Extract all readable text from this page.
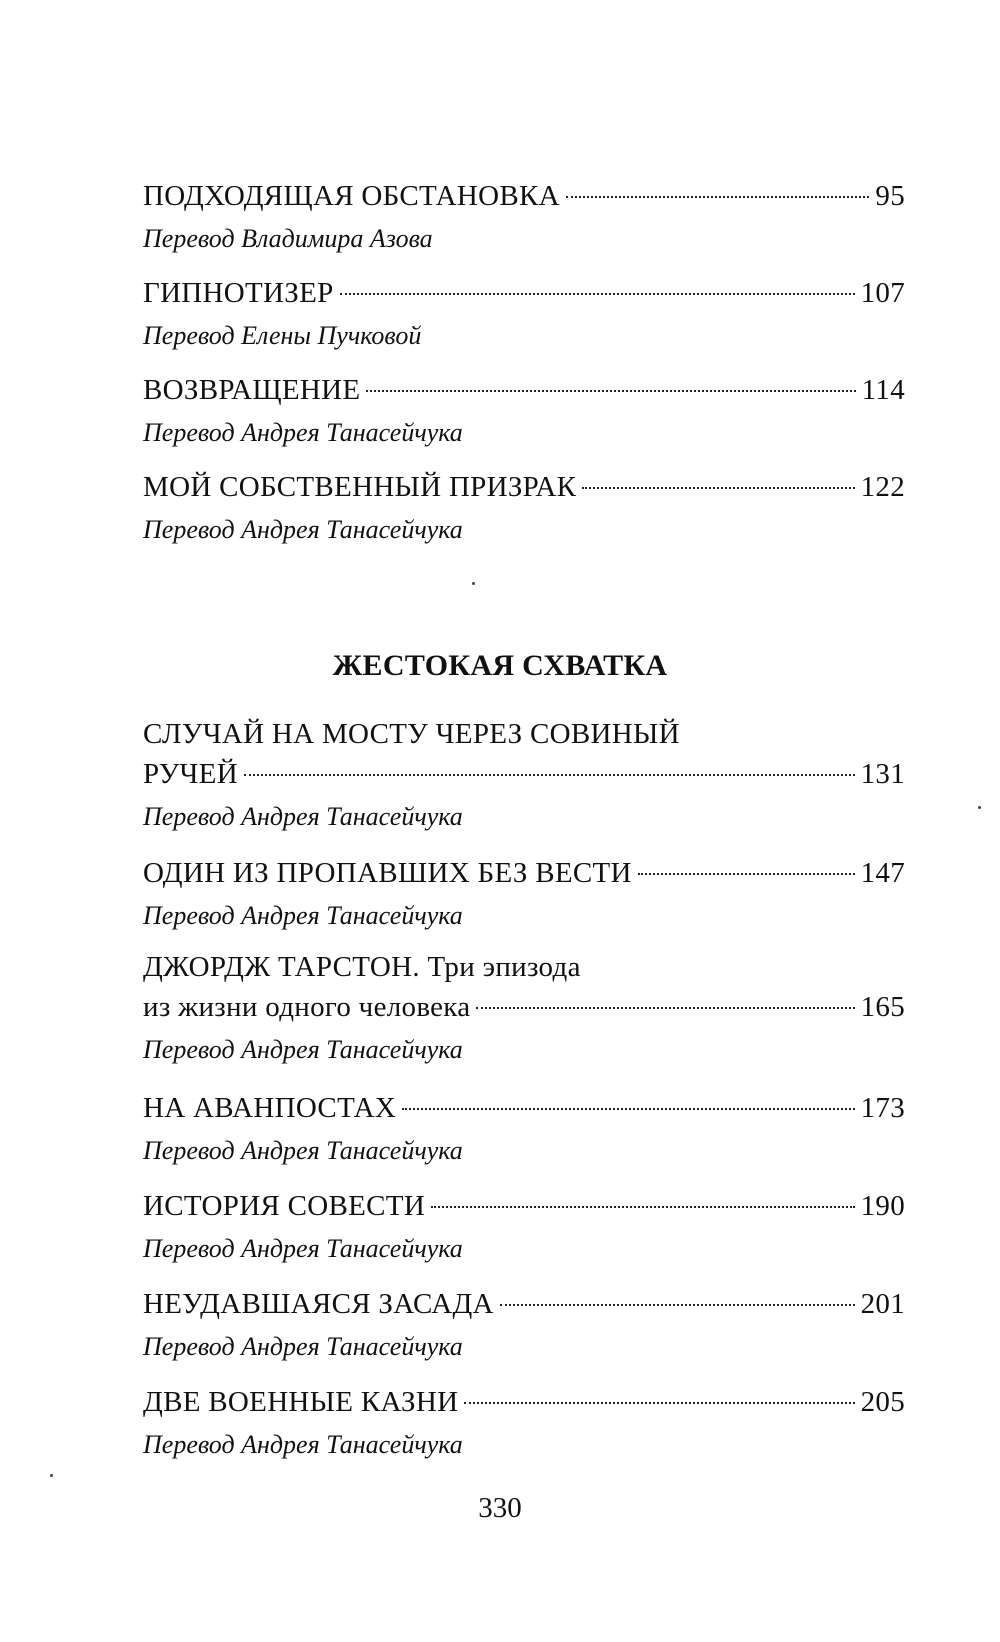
ПОДХОДЯЩАЯ ОБСТАНОВКА	95
Перевод Владимира Азова
ГИПНОТИЗЕР	107
Перевод Елены Пучковой
ВОЗВРАЩЕНИЕ	114
Перевод Андрея Танасейчука
МОЙ СОБСТВЕННЫЙ ПРИЗРАК	122
Перевод Андрея Танасейчука
ЖЕСТОКАЯ СХВАТКА
СЛУЧАЙ НА МОСТУ ЧЕРЕЗ СОВИНЫЙ
РУЧЕЙ	131
Перевод Андрея Танасейчука
ОДИН ИЗ ПРОПАВШИХ БЕЗ ВЕСТИ	147
Перевод Андрея Танасейчука
ДЖОРДЖ ТАРСТОН. Три эпизода
из жизни одного человека	165
Перевод Андрея Танасейчука
НА АВАНПОСТАХ	173
Перевод Андрея Танасейчука
ИСТОРИЯ СОВЕСТИ	190
Перевод Андрея Танасейчука
НЕУДАВШАЯСЯ ЗАСАДА	201
Перевод Андрея Танасейчука
ДВЕ ВОЕННЫЕ КАЗНИ	205
Перевод Андрея Танасейчука
330
